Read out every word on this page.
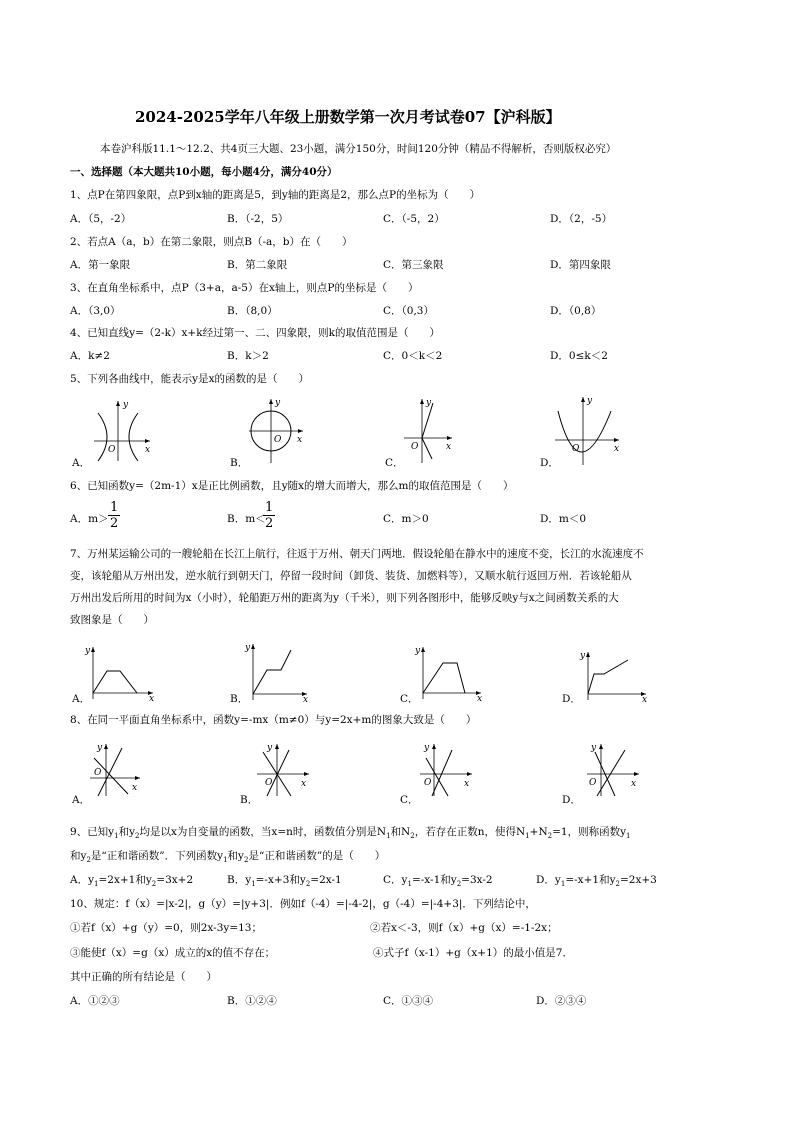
2024-2025学年八年级上册数学第一次月考试卷07【沪科版】
本卷沪科版11.1～12.2、共4页三大题、23小题，满分150分，时间120分钟（精品不得解析，否则版权必究）
一、选择题（本大题共10小题，每小题4分，满分40分）
1、点P在第四象限，点P到x轴的距离是5，到y轴的距离是2，那么点P的坐标为（　　）
A．（5，-2）	B．（-2，5）	C．（-5，2）	D．（2，-5）
2、若点A（a，b）在第二象限，则点B（-a，b）在（　　）
A．第一象限	B．第二象限	C．第三象限	D．第四象限
3、在直角坐标系中，点P（3+a，a-5）在x轴上，则点P的坐标是（　　）
A．（3,0）	B．（8,0）	C．（0,3）	D．（0,8）
4、已知直线y=（2-k）x+k经过第一、二、四象限，则k的取值范围是（　　）
A．k≠2	B．k＞2	C．0＜k＜2	D．0≤k＜2
5、下列各曲线中，能表示y是x的函数的是（　　）
y
x
O
A．
y
x
O
B．
y
x
O
C．
y
x
O
D．
6、已知函数y=（2m-1）x是正比例函数，且y随x的增大而增大，那么m的取值范围是（　　）
A．$m> \frac{1}{2}$	B．m＜
$\frac{1}{2}$	C．m＞0	D．m＜0
7、万州某运输公司的一艘轮船在长江上航行，往返于万州、朝天门两地．假设轮船在静水中的速度不变，长江的水流速度不
变，该轮船从万州出发，逆水航行到朝天门，停留一段时间（卸货、装货、加燃料等），又顺水航行返回万州．若该轮船从
万州出发后所用的时间为x（小时），轮船距万州的距离为y（千米），则下列各图形中，能够反映y与x之间函数关系的大
致图象是（　　）
y
x
A．
y
x
B．
y
x
C．
y
x
D．
8、在同一平面直角坐标系中，函数y=-mx（m≠0）与y=2x+m的图象大致是（　　）
y
x
O
A．
y
x
O
B．
y
x
O
C．
y
x
O
D．
9、已知$y_1$和$y_2$均是以x为自变量的函数，当x=n时，函数值分别是$N_1$和$N_2$，若存在正数n，使得$N_1+N_2=1$，则称函数$y_1$
和$y_2$是“正和谐函数”．下列函数$y_1$和$y_2$是“正和谐函数”的是（　　）
A．$y_1=2x+1$和$y_2=3x+2$	B．$y_1=-x+3$和$y_2=2x-1$	C．$y_1=-x-1$和$y_2=3x-2$	D．$y_1=-x+1$和$y_2=2x+3$
10、规定：f（x）=|x-2|，g（y）=|y+3|．例如f（-4）=|-4-2|，g（-4）=|-4+3|．下列结论中，
①若f（x）+g（y）=0，则2x-3y=13；	②若x＜-3，则f（x）+g（x）=-1-2x；
③能使f（x）=g（x）成立的x的值不存在；	④式子f（x-1）+g（x+1）的最小值是7．
其中正确的所有结论是（　　）
A．①②③	B．①②④	C．①③④	D．②③④
